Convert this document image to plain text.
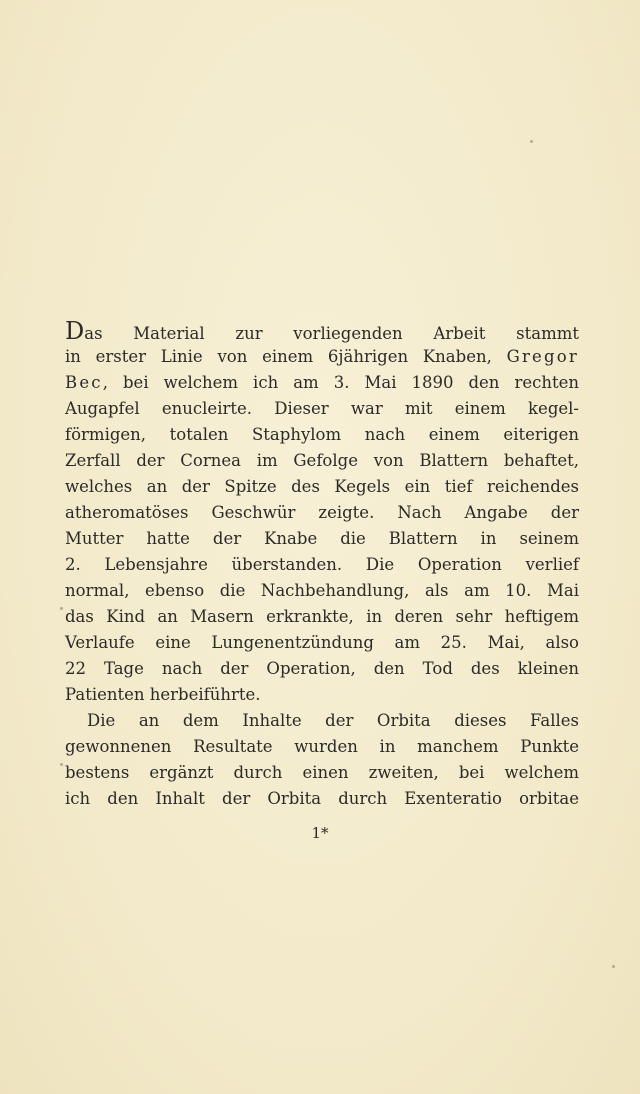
Das Material zur vorliegenden Arbeit stammt
in erster Linie von einem 6jährigen Knaben, Gregor
Bec, bei welchem ich am 3. Mai 1890 den rechten
Augapfel enucleirte. Dieser war mit einem kegel-
förmigen, totalen Staphylom nach einem eiterigen
Zerfall der Cornea im Gefolge von Blattern behaftet,
welches an der Spitze des Kegels ein tief reichendes
atheromatöses Geschwür zeigte. Nach Angabe der
Mutter hatte der Knabe die Blattern in seinem
2. Lebensjahre überstanden. Die Operation verlief
normal, ebenso die Nachbehandlung, als am 10. Mai
das Kind an Masern erkrankte, in deren sehr heftigem
Verlaufe eine Lungenentzündung am 25. Mai, also
22 Tage nach der Operation, den Tod des kleinen
Patienten herbeiführte.
Die an dem Inhalte der Orbita dieses Falles
gewonnenen Resultate wurden in manchem Punkte
bestens ergänzt durch einen zweiten, bei welchem
ich den Inhalt der Orbita durch Exenteratio orbitae
1*
